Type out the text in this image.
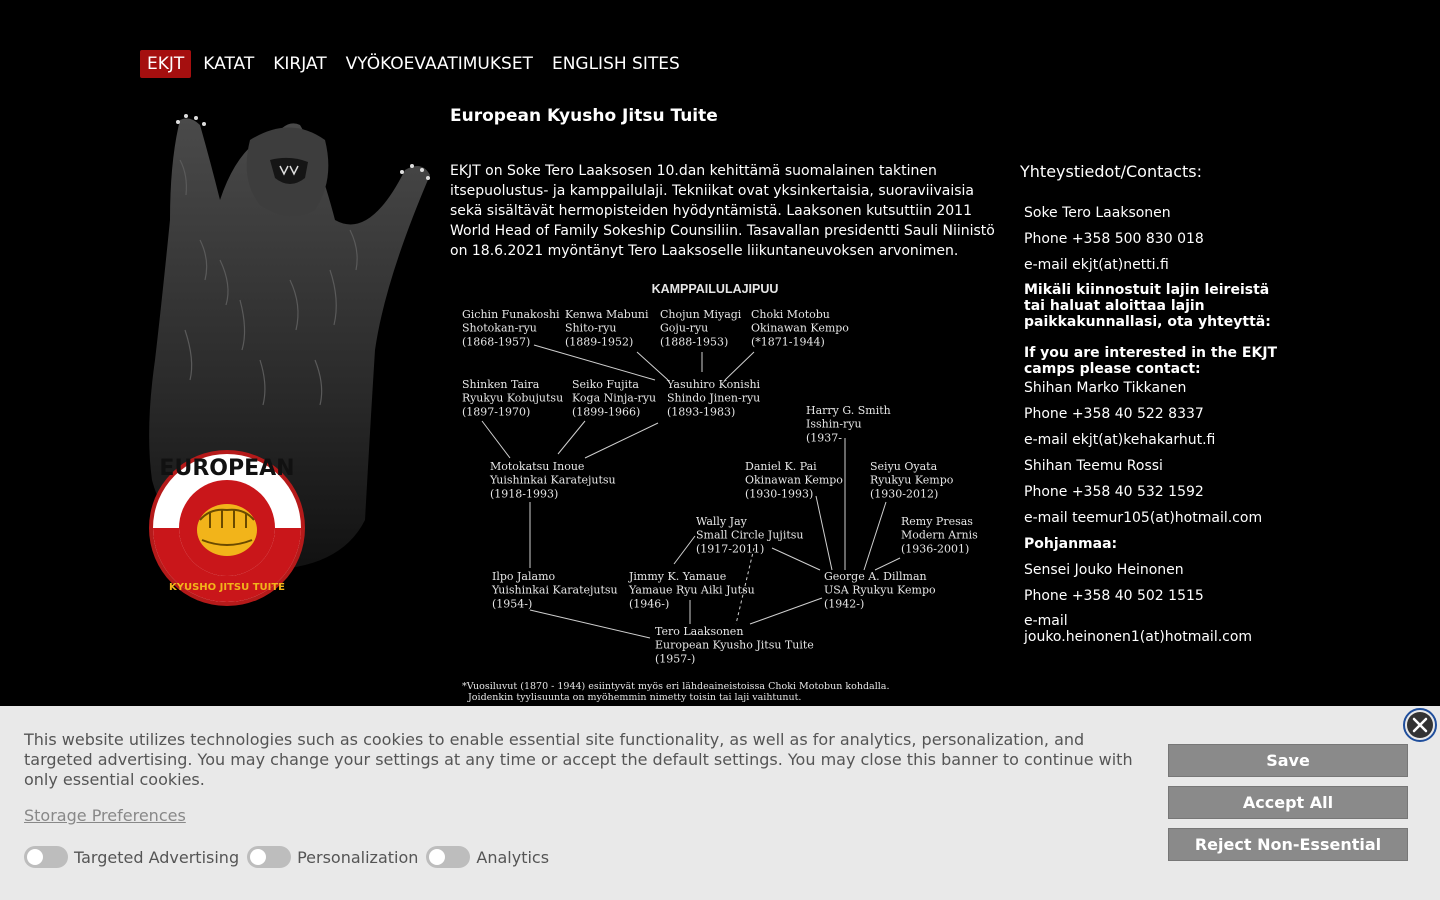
EKJT	KATAT	KIRJAT	VYÖKOEVAATIMUKSET	ENGLISH SITES
EUROPEAN
KYUSHO JITSU TUITE
European Kyusho Jitsu Tuite
EKJT on Soke Tero Laaksosen 10.dan kehittämä suomalainen taktinen itsepuolustus- ja kamppailulaji. Tekniikat ovat yksinkertaisia, suoraviivaisia sekä sisältävät hermopisteiden hyödyntämistä. Laaksonen kutsuttiin 2011 World Head of Family Sokeship Counsiliin. Tasavallan presidentti Sauli Niinistö on 18.6.2021 myöntänyt Tero Laaksoselle liikuntaneuvoksen arvonimen.
KAMPPAILULAJIPUU
Gichin Funakoshi
Shotokan-ryu
(1868-1957)
Kenwa Mabuni
Shito-ryu
(1889-1952)
Chojun Miyagi
Goju-ryu
(1888-1953)
Choki Motobu
Okinawan Kempo
(*1871-1944)
Shinken Taira
Ryukyu Kobujutsu
(1897-1970)
Seiko Fujita
Koga Ninja-ryu
(1899-1966)
Yasuhiro Konishi
Shindo Jinen-ryu
(1893-1983)	Harry G. Smith
Isshin-ryu
(1937-
Motokatsu Inoue
Yuishinkai Karatejutsu
(1918-1993)
Daniel K. Pai
Okinawan Kempo
(1930-1993)
Seiyu Oyata
Ryukyu Kempo
(1930-2012)
Wally Jay
Small Circle Jujitsu
(1917-2011)
Remy Presas
Modern Arnis
(1936-2001)
Ilpo Jalamo
Yuishinkai Karatejutsu
(1954-)
Jimmy K. Yamaue
Yamaue Ryu Aiki Jutsu
(1946-)
George A. Dillman
USA Ryukyu Kempo
(1942-)
Tero Laaksonen
European Kyusho Jitsu Tuite
(1957-)
*Vuosiluvut (1870 - 1944) esiintyvät myös eri lähdeaineistoissa Choki Motobun kohdalla.
Joidenkin tyylisuunta on myöhemmin nimetty toisin tai laji vaihtunut.
Yhteystiedot/Contacts:
Soke Tero Laaksonen
Phone +358 500 830 018
e-mail ekjt(at)netti.fi
Mikäli kiinnostuit lajin leireistä tai haluat aloittaa lajin paikkakunnallasi, ota yhteyttä:
If you are interested in the EKJT camps please contact:
Shihan Marko Tikkanen
Phone +358 40 522 8337
e-mail ekjt(at)kehakarhut.fi
Shihan Teemu Rossi
Phone +358 40 532 1592
e-mail teemur105(at)hotmail.com
Pohjanmaa:
Sensei Jouko Heinonen
Phone +358 40 502 1515
e-mail
jouko.heinonen1(at)hotmail.com
This website utilizes technologies such as cookies to enable essential site functionality, as well as for analytics, personalization, and targeted advertising. You may change your settings at any time or accept the default settings. You may close this banner to continue with only essential cookies.
Storage Preferences
Targeted Advertising	Personalization	Analytics
Save
Accept All
Reject Non-Essential
